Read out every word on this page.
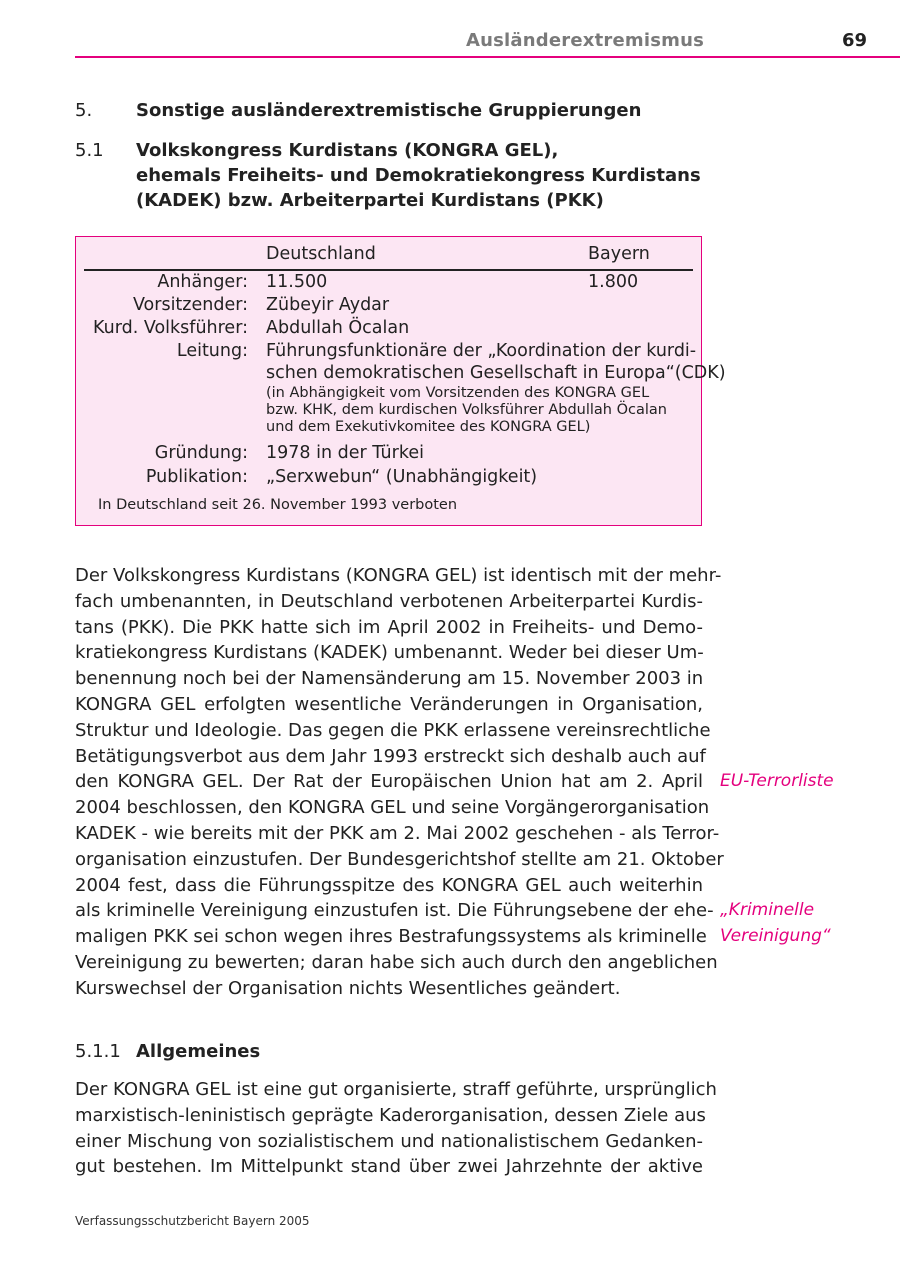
Ausländerextremismus	69
5. Sonstige ausländerextremistische Gruppierungen
5.1 Volkskongress Kurdistans (KONGRA GEL),
ehemals Freiheits- und Demokratiekongress Kurdistans
(KADEK) bzw. Arbeiterpartei Kurdistans (PKK)
Deutschland	Bayern
Anhänger: 11.500	1.800
Vorsitzender: Zübeyir Aydar
Kurd. Volksführer: Abdullah Öcalan
Leitung: Führungsfunktionäre der „Koordination der kurdi-
schen demokratischen Gesellschaft in Europa“(CDK)
(in Abhängigkeit vom Vorsitzenden des KONGRA GEL
bzw. KHK, dem kurdischen Volksführer Abdullah Öcalan
und dem Exekutivkomitee des KONGRA GEL)
Gründung: 1978 in der Türkei
Publikation: „Serxwebun“ (Unabhängigkeit)
In Deutschland seit 26. November 1993 verboten
Der Volkskongress Kurdistans (KONGRA GEL) ist identisch mit der mehr-
fach umbenannten, in Deutschland verbotenen Arbeiterpartei Kurdis-
tans (PKK). Die PKK hatte sich im April 2002 in Freiheits- und Demo-
kratiekongress Kurdistans (KADEK) umbenannt. Weder bei dieser Um-
benennung noch bei der Namensänderung am 15. November 2003 in
KONGRA GEL erfolgten wesentliche Veränderungen in Organisation,
Struktur und Ideologie. Das gegen die PKK erlassene vereinsrechtliche
Betätigungsverbot aus dem Jahr 1993 erstreckt sich deshalb auch auf
den KONGRA GEL. Der Rat der Europäischen Union hat am 2. April
2004 beschlossen, den KONGRA GEL und seine Vorgängerorganisation
KADEK - wie bereits mit der PKK am 2. Mai 2002 geschehen - als Terror-
organisation einzustufen. Der Bundesgerichtshof stellte am 21. Oktober
2004 fest, dass die Führungsspitze des KONGRA GEL auch weiterhin
als kriminelle Vereinigung einzustufen ist. Die Führungsebene der ehe-
maligen PKK sei schon wegen ihres Bestrafungssystems als kriminelle
Vereinigung zu bewerten; daran habe sich auch durch den angeblichen
Kurswechsel der Organisation nichts Wesentliches geändert.
EU-Terrorliste
„Kriminelle
Vereinigung“
5.1.1 Allgemeines
Der KONGRA GEL ist eine gut organisierte, straff geführte, ursprünglich
marxistisch-leninistisch geprägte Kaderorganisation, dessen Ziele aus
einer Mischung von sozialistischem und nationalistischem Gedanken-
gut bestehen. Im Mittelpunkt stand über zwei Jahrzehnte der aktive
Verfassungsschutzbericht Bayern 2005
